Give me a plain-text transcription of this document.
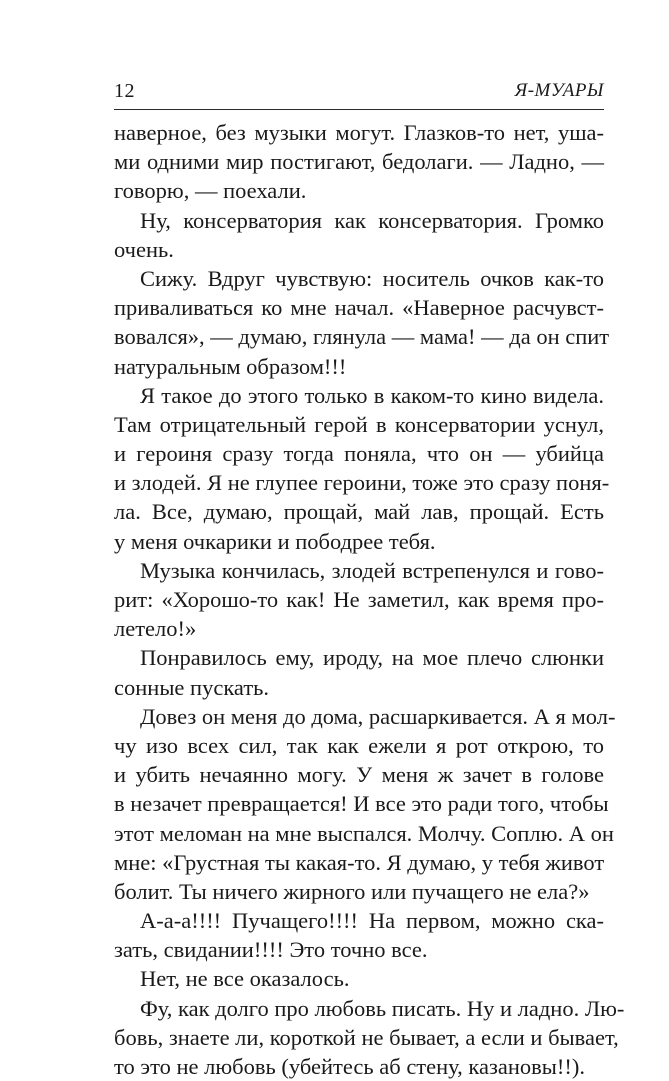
12	Я-МУАРЫ
наверное, без музыки могут. Глазков-то нет, уша-
ми одними мир постигают, бедолаги. — Ладно, —
говорю, — поехали.
Ну, консерватория как консерватория. Громко
очень.
Сижу. Вдруг чувствую: носитель очков как-то
приваливаться ко мне начал. «Наверное расчувст-
вовался», — думаю, глянула — мама! — да он спит
натуральным образом!!!
Я такое до этого только в каком-то кино видела.
Там отрицательный герой в консерватории уснул,
и героиня сразу тогда поняла, что он — убийца
и злодей. Я не глупее героини, тоже это сразу поня-
ла. Все, думаю, прощай, май лав, прощай. Есть
у меня очкарики и пободрее тебя.
Музыка кончилась, злодей встрепенулся и гово-
рит: «Хорошо-то как! Не заметил, как время про-
летело!»
Понравилось ему, ироду, на мое плечо слюнки
сонные пускать.
Довез он меня до дома, расшаркивается. А я мол-
чу изо всех сил, так как ежели я рот открою, то
и убить нечаянно могу. У меня ж зачет в голове
в незачет превращается! И все это ради того, чтобы
этот меломан на мне выспался. Молчу. Соплю. А он
мне: «Грустная ты какая-то. Я думаю, у тебя живот
болит. Ты ничего жирного или пучащего не ела?»
А-а-а!!!! Пучащего!!!! На первом, можно ска-
зать, свидании!!!! Это точно все.
Нет, не все оказалось.
Фу, как долго про любовь писать. Ну и ладно. Лю-
бовь, знаете ли, короткой не бывает, а если и бывает,
то это не любовь (убейтесь аб стену, казановы!!).
